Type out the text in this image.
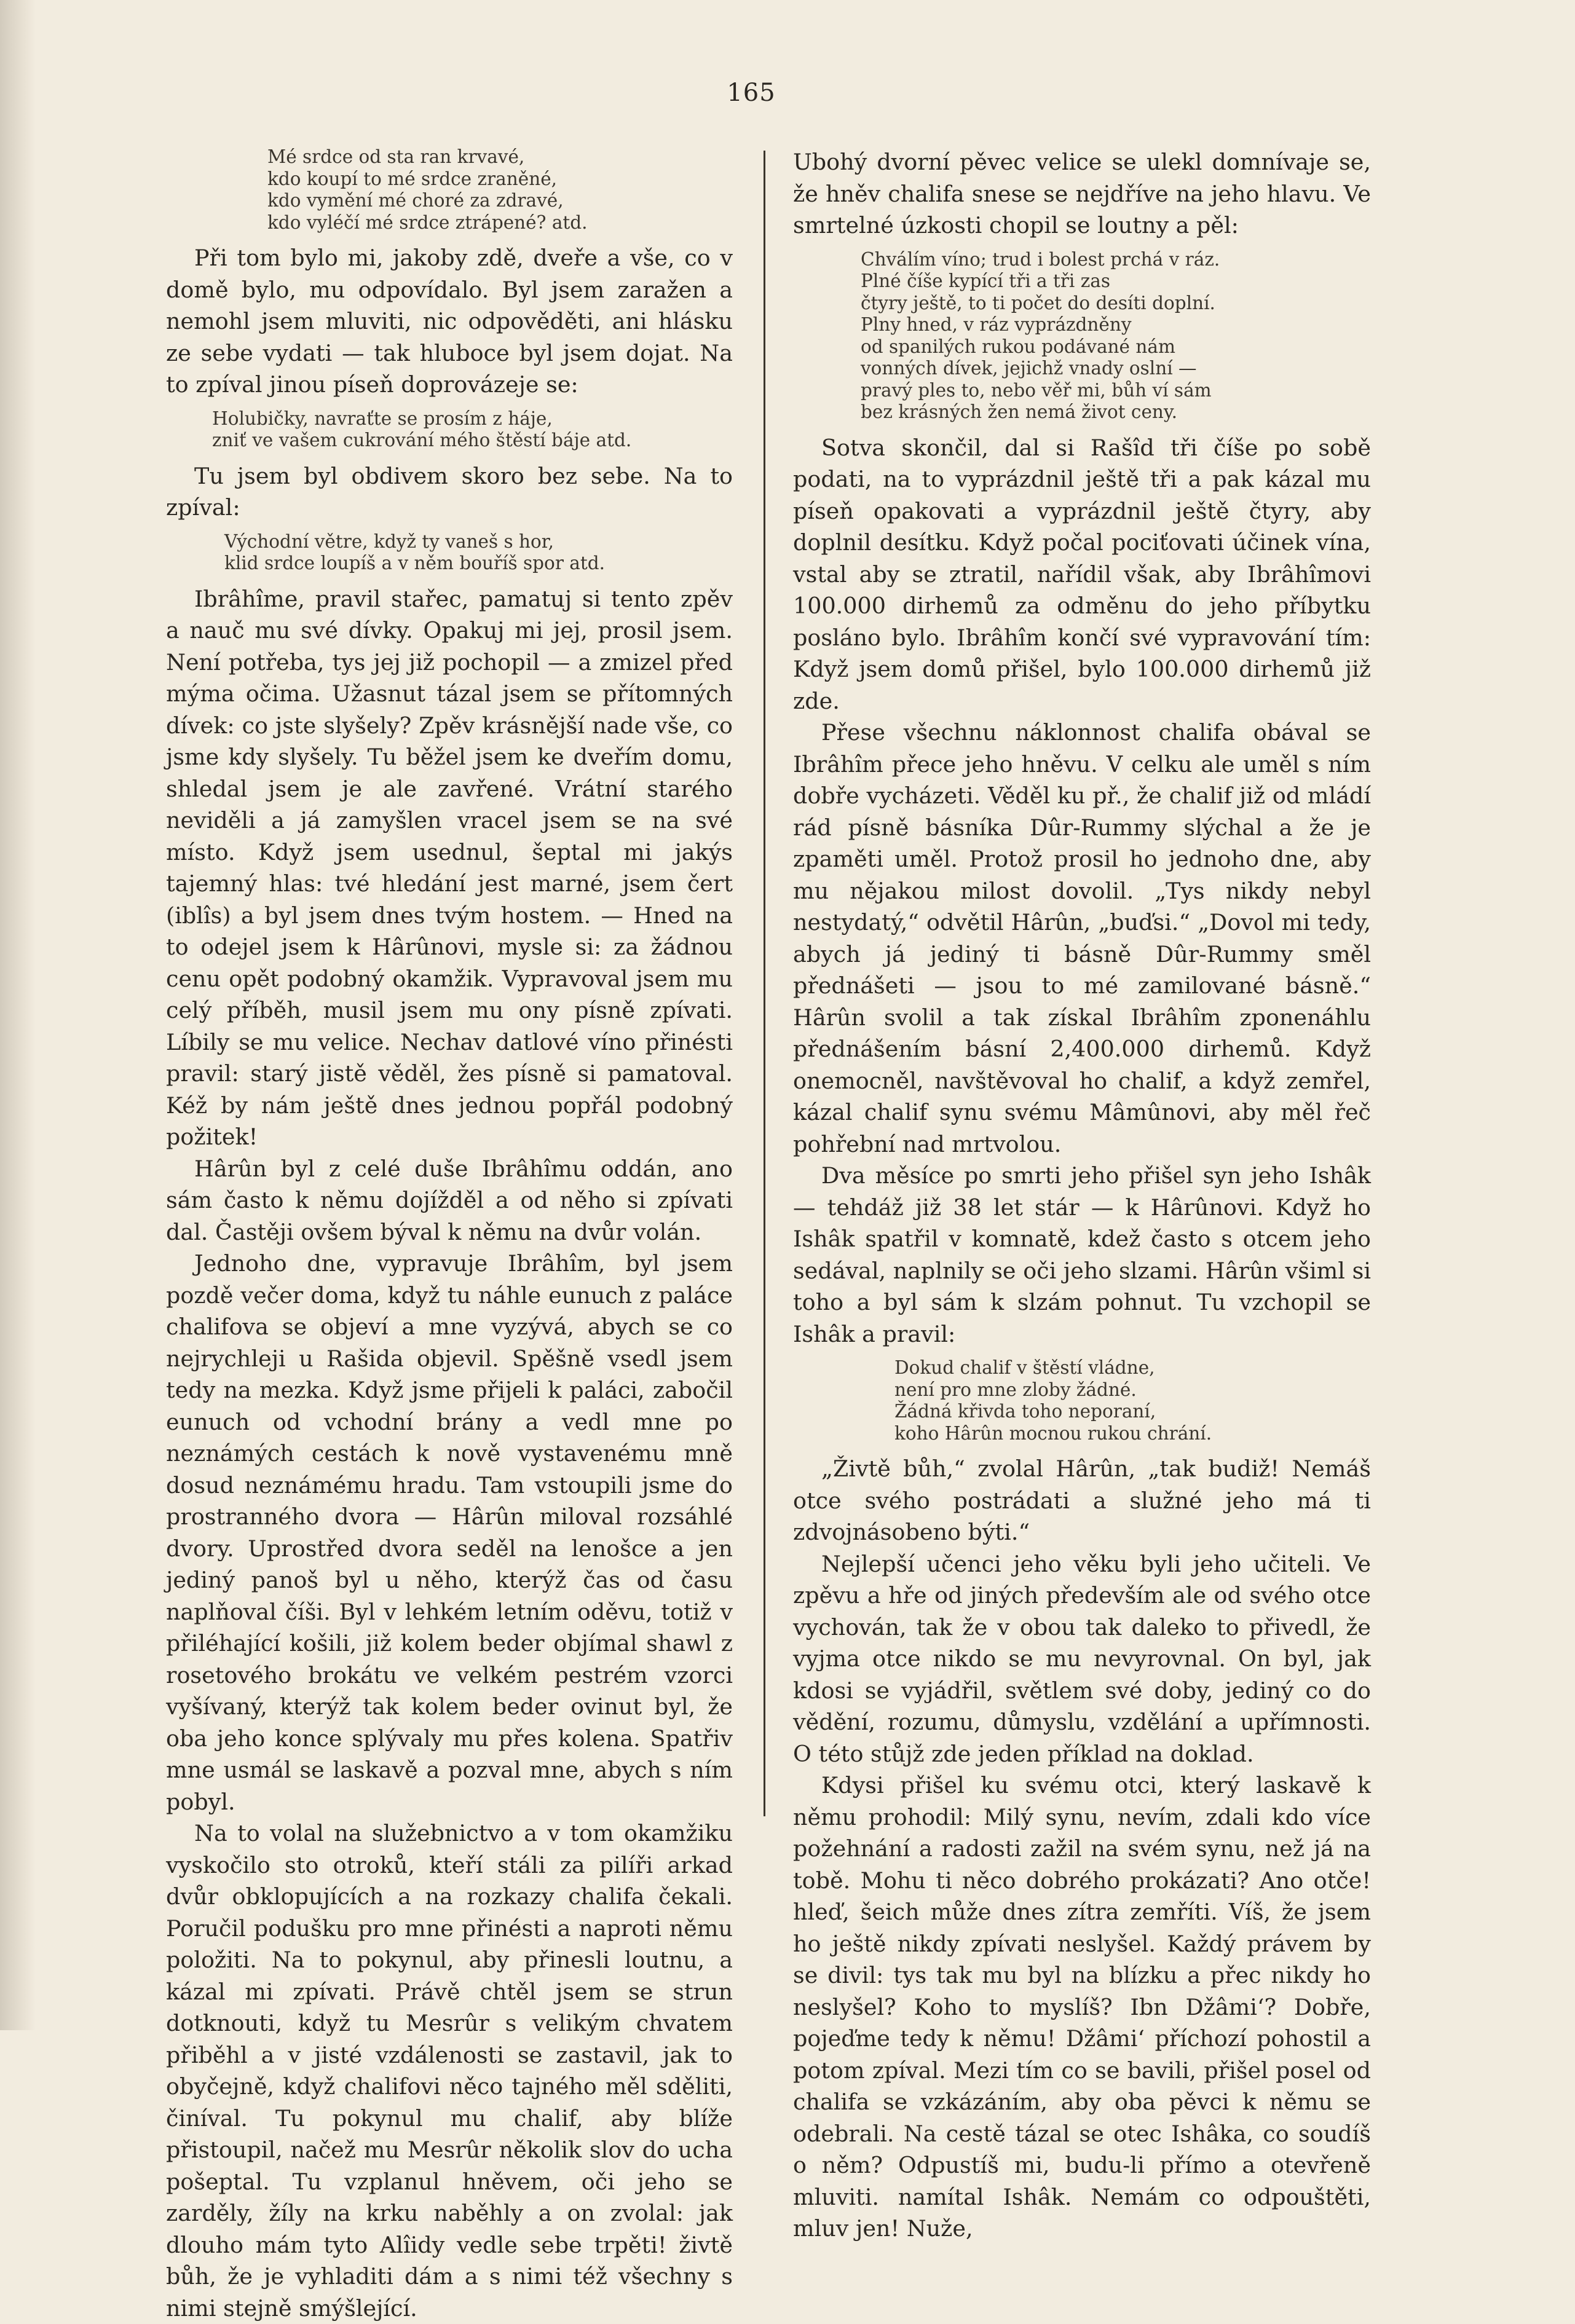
165
Mé srdce od sta ran krvavé,
kdo koupí to mé srdce zraněné,
kdo vymění mé choré za zdravé,
kdo vyléčí mé srdce ztrápené? atd.

Při tom bylo mi, jakoby zdě, dveře a vše, co v domě bylo, mu odpovídalo. Byl jsem zaražen a nemohl jsem mluviti, nic odpověděti, ani hlásku ze sebe vydati — tak hluboce byl jsem dojat. Na to zpíval jinou píseň doprovázeje se:

Holubičky, navraťte se prosím z háje,
zniť ve vašem cukrování mého štěstí báje atd.

Tu jsem byl obdivem skoro bez sebe. Na to zpíval:

Východní větre, když ty vaneš s hor,
klid srdce loupíš a v něm bouříš spor atd.

Ibrâhîme, pravil stařec, pamatuj si tento zpěv a nauč mu své dívky. Opakuj mi jej, prosil jsem. Není potřeba, tys jej již pochopil — a zmizel před mýma očima. Užasnut tázal jsem se přítomných dívek: co jste slyšely? Zpěv krásnější nade vše, co jsme kdy slyšely. Tu běžel jsem ke dveřím domu, shledal jsem je ale zavřené. Vrátní starého neviděli a já zamyšlen vracel jsem se na své místo. Když jsem usednul, šeptal mi jakýs tajemný hlas: tvé hledání jest marné, jsem čert (iblîs) a byl jsem dnes tvým hostem. — Hned na to odejel jsem k Hârûnovi, mysle si: za žádnou cenu opět podobný okamžik. Vypravoval jsem mu celý příběh, musil jsem mu ony písně zpívati. Líbily se mu velice. Nechav datlové víno přinésti pravil: starý jistě věděl, žes písně si pamatoval. Kéž by nám ještě dnes jednou popřál podobný požitek!

Hârûn byl z celé duše Ibrâhîmu oddán, ano sám často k němu dojížděl a od něho si zpívati dal. Častěji ovšem býval k němu na dvůr volán.

Jednoho dne, vypravuje Ibrâhîm, byl jsem pozdě večer doma, když tu náhle eunuch z paláce chalifova se objeví a mne vyzývá, abych se co nejrychleji u Rašida objevil. Spěšně vsedl jsem tedy na mezka. Když jsme přijeli k paláci, zabočil eunuch od vchodní brány a vedl mne po neznámých cestách k nově vystavenému mně dosud neznámému hradu. Tam vstoupili jsme do prostranného dvora — Hârûn miloval rozsáhlé dvory. Uprostřed dvora seděl na lenošce a jen jediný panoš byl u něho, kterýž čas od času naplňoval číši. Byl v lehkém letním oděvu, totiž v přiléhající košili, již kolem beder objímal shawl z rosetového brokátu ve velkém pestrém vzorci vyšívaný, kterýž tak kolem beder ovinut byl, že oba jeho konce splývaly mu přes kolena. Spatřiv mne usmál se laskavě a pozval mne, abych s ním pobyl.

Na to volal na služebnictvo a v tom okamžiku vyskočilo sto otroků, kteří stáli za pilíři arkad dvůr obklopujících a na rozkazy chalifa čekali. Poručil podušku pro mne přinésti a naproti němu položiti. Na to pokynul, aby přinesli loutnu, a kázal mi zpívati. Právě chtěl jsem se strun dotknouti, když tu Mesrûr s velikým chvatem přiběhl a v jisté vzdálenosti se zastavil, jak to obyčejně, když chalifovi něco tajného měl sděliti, činíval. Tu pokynul mu chalif, aby blíže přistoupil, načež mu Mesrûr několik slov do ucha pošeptal. Tu vzplanul hněvem, oči jeho se zarděly, žíly na krku naběhly a on zvolal: jak dlouho mám tyto Alîidy vedle sebe trpěti! živtě bůh, že je vyhladiti dám a s nimi též všechny s nimi stejně smýšlející.

Ubohý dvorní pěvec velice se ulekl domnívaje se, že hněv chalifa snese se nejdříve na jeho hlavu. Ve smrtelné úzkosti chopil se loutny a pěl:

Chválím víno; trud i bolest prchá v ráz.
Plné číše kypící tři a tři zas
čtyry ještě, to ti počet do desíti doplní.
Plny hned, v ráz vyprázdněny
od spanilých rukou podávané nám
vonných dívek, jejichž vnady oslní —
pravý ples to, nebo věř mi, bůh ví sám
bez krásných žen nemá život ceny.

Sotva skončil, dal si Rašîd tři číše po sobě podati, na to vyprázdnil ještě tři a pak kázal mu píseň opakovati a vyprázdnil ještě čtyry, aby doplnil desítku. Když počal pociťovati účinek vína, vstal aby se ztratil, nařídil však, aby Ibrâhîmovi 100.000 dirhemů za odměnu do jeho příbytku posláno bylo. Ibrâhîm končí své vypravování tím: Když jsem domů přišel, bylo 100.000 dirhemů již zde.

Přese všechnu náklonnost chalifa obával se Ibrâhîm přece jeho hněvu. V celku ale uměl s ním dobře vycházeti. Věděl ku př., že chalif již od mládí rád písně básníka Dûr-Rummy slýchal a že je zpaměti uměl. Protož prosil ho jednoho dne, aby mu nějakou milost dovolil. „Tys nikdy nebyl nestydatý,“ odvětil Hârûn, „buďsi.“ „Dovol mi tedy, abych já jediný ti básně Dûr-Rummy směl přednášeti — jsou to mé zamilované básně.“ Hârûn svolil a tak získal Ibrâhîm zponenáhlu přednášením básní 2,400.000 dirhemů. Když onemocněl, navštěvoval ho chalif, a když zemřel, kázal chalif synu svému Mâmûnovi, aby měl řeč pohřební nad mrtvolou.

Dva měsíce po smrti jeho přišel syn jeho Ishâk — tehdáž již 38 let stár — k Hârûnovi. Když ho Ishâk spatřil v komnatě, kdež často s otcem jeho sedával, naplnily se oči jeho slzami. Hârûn všiml si toho a byl sám k slzám pohnut. Tu vzchopil se Ishâk a pravil:

Dokud chalif v štěstí vládne,
není pro mne zloby žádné.
Žádná křivda toho neporaní,
koho Hârûn mocnou rukou chrání.

„Živtě bůh,“ zvolal Hârûn, „tak budiž! Nemáš otce svého postrádati a služné jeho má ti zdvojnásobeno býti.“

Nejlepší učenci jeho věku byli jeho učiteli. Ve zpěvu a hře od jiných především ale od svého otce vychován, tak že v obou tak daleko to přivedl, že vyjma otce nikdo se mu nevyrovnal. On byl, jak kdosi se vyjádřil, světlem své doby, jediný co do vědění, rozumu, důmyslu, vzdělání a upřímnosti. O této stůjž zde jeden příklad na doklad.

Kdysi přišel ku svému otci, který laskavě k němu prohodil: Milý synu, nevím, zdali kdo více požehnání a radosti zažil na svém synu, než já na tobě. Mohu ti něco dobrého prokázati? Ano otče! hleď, šeich může dnes zítra zemříti. Víš, že jsem ho ještě nikdy zpívati neslyšel. Každý právem by se divil: tys tak mu byl na blízku a přec nikdy ho neslyšel? Koho to myslíš? Ibn Džâmi‘? Dobře, pojeďme tedy k němu! Džâmi‘ příchozí pohostil a potom zpíval. Mezi tím co se bavili, přišel posel od chalifa se vzkázáním, aby oba pěvci k němu se odebrali. Na cestě tázal se otec Ishâka, co soudíš o něm? Odpustíš mi, budu-li přímo a otevřeně mluviti. namítal Ishâk. Nemám co odpouštěti, mluv jen! Nuže,
